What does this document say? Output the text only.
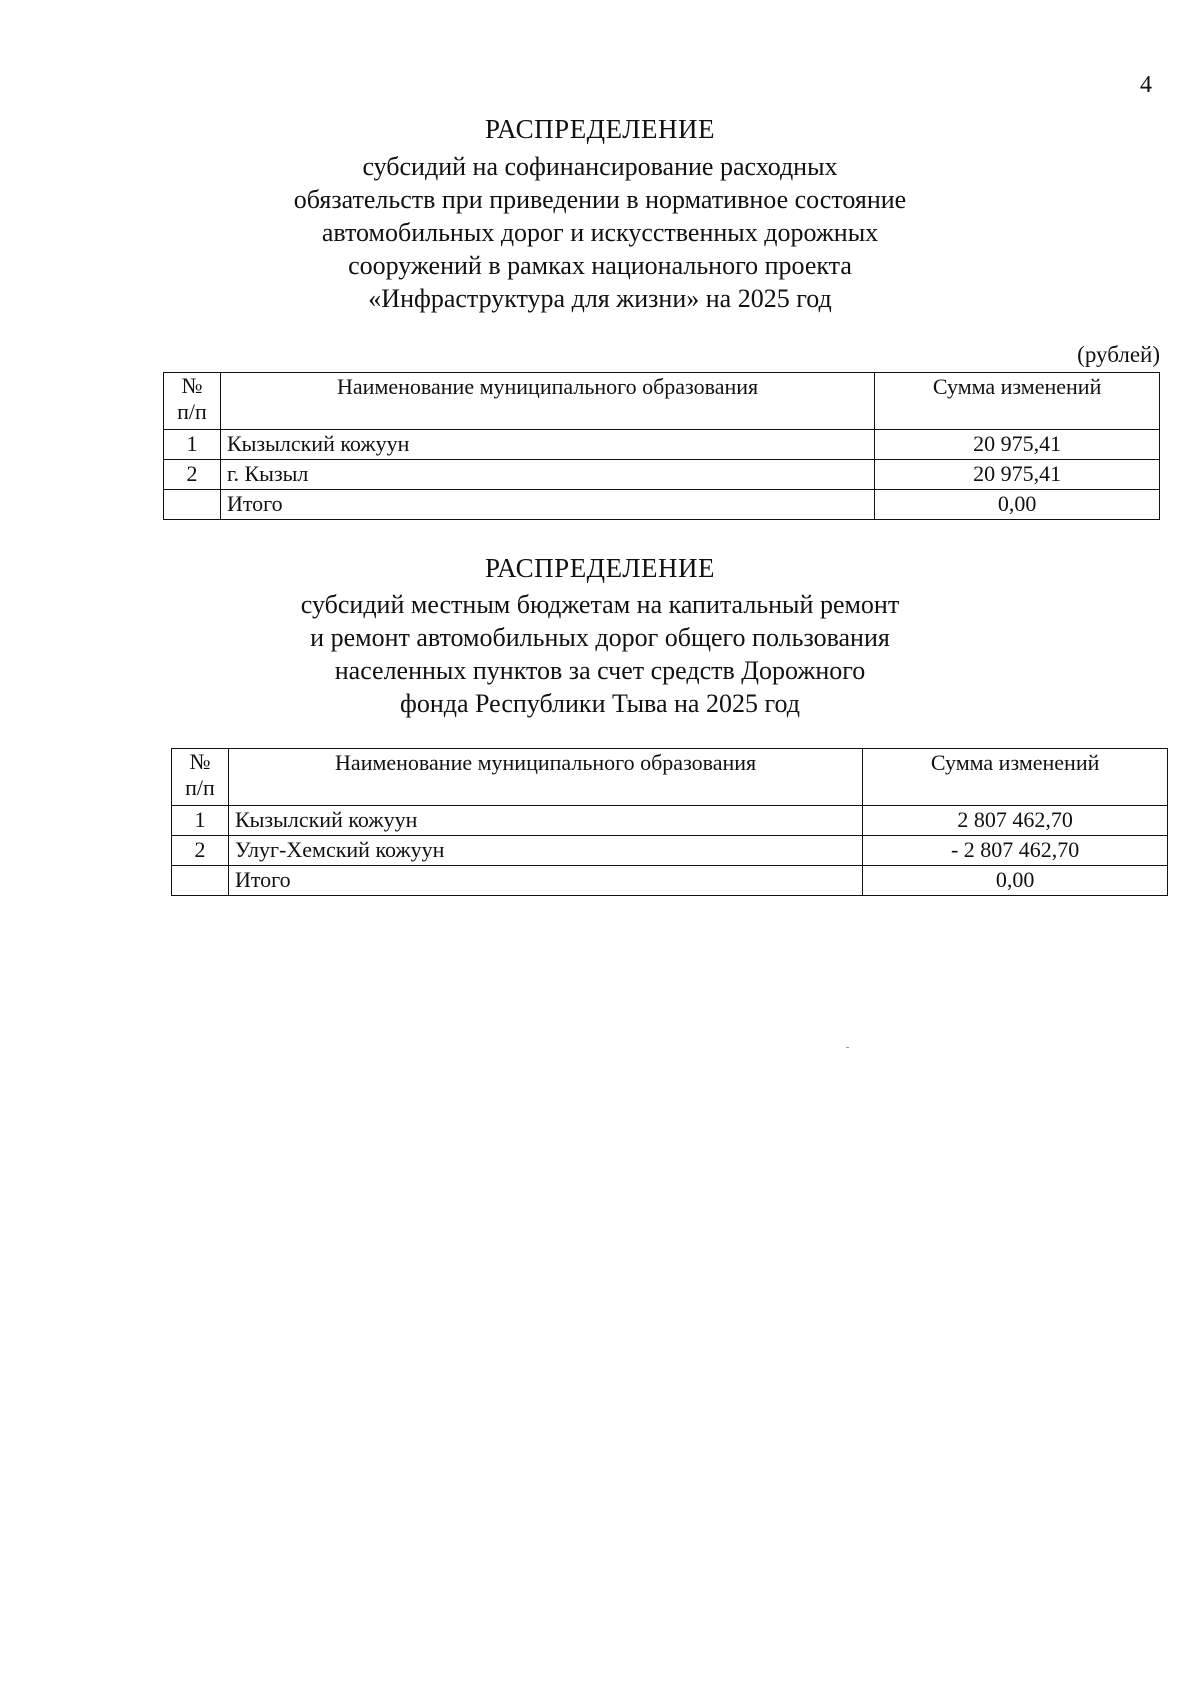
4
РАСПРЕДЕЛЕНИЕ
субсидий на софинансирование расходных
обязательств при приведении в нормативное состояние
автомобильных дорог и искусственных дорожных
сооружений в рамках национального проекта
«Инфраструктура для жизни» на 2025 год
(рублей)
№ п/п	Наименование муниципального образования	Сумма изменений
1	Кызылский кожуун	20 975,41
2	г. Кызыл	20 975,41
	Итого	0,00
РАСПРЕДЕЛЕНИЕ
субсидий местным бюджетам на капитальный ремонт
и ремонт автомобильных дорог общего пользования
населенных пунктов за счет средств Дорожного
фонда Республики Тыва на 2025 год
№ п/п	Наименование муниципального образования	Сумма изменений
1	Кызылский кожуун	2 807 462,70
2	Улуг-Хемский кожуун	- 2 807 462,70
	Итого	0,00
